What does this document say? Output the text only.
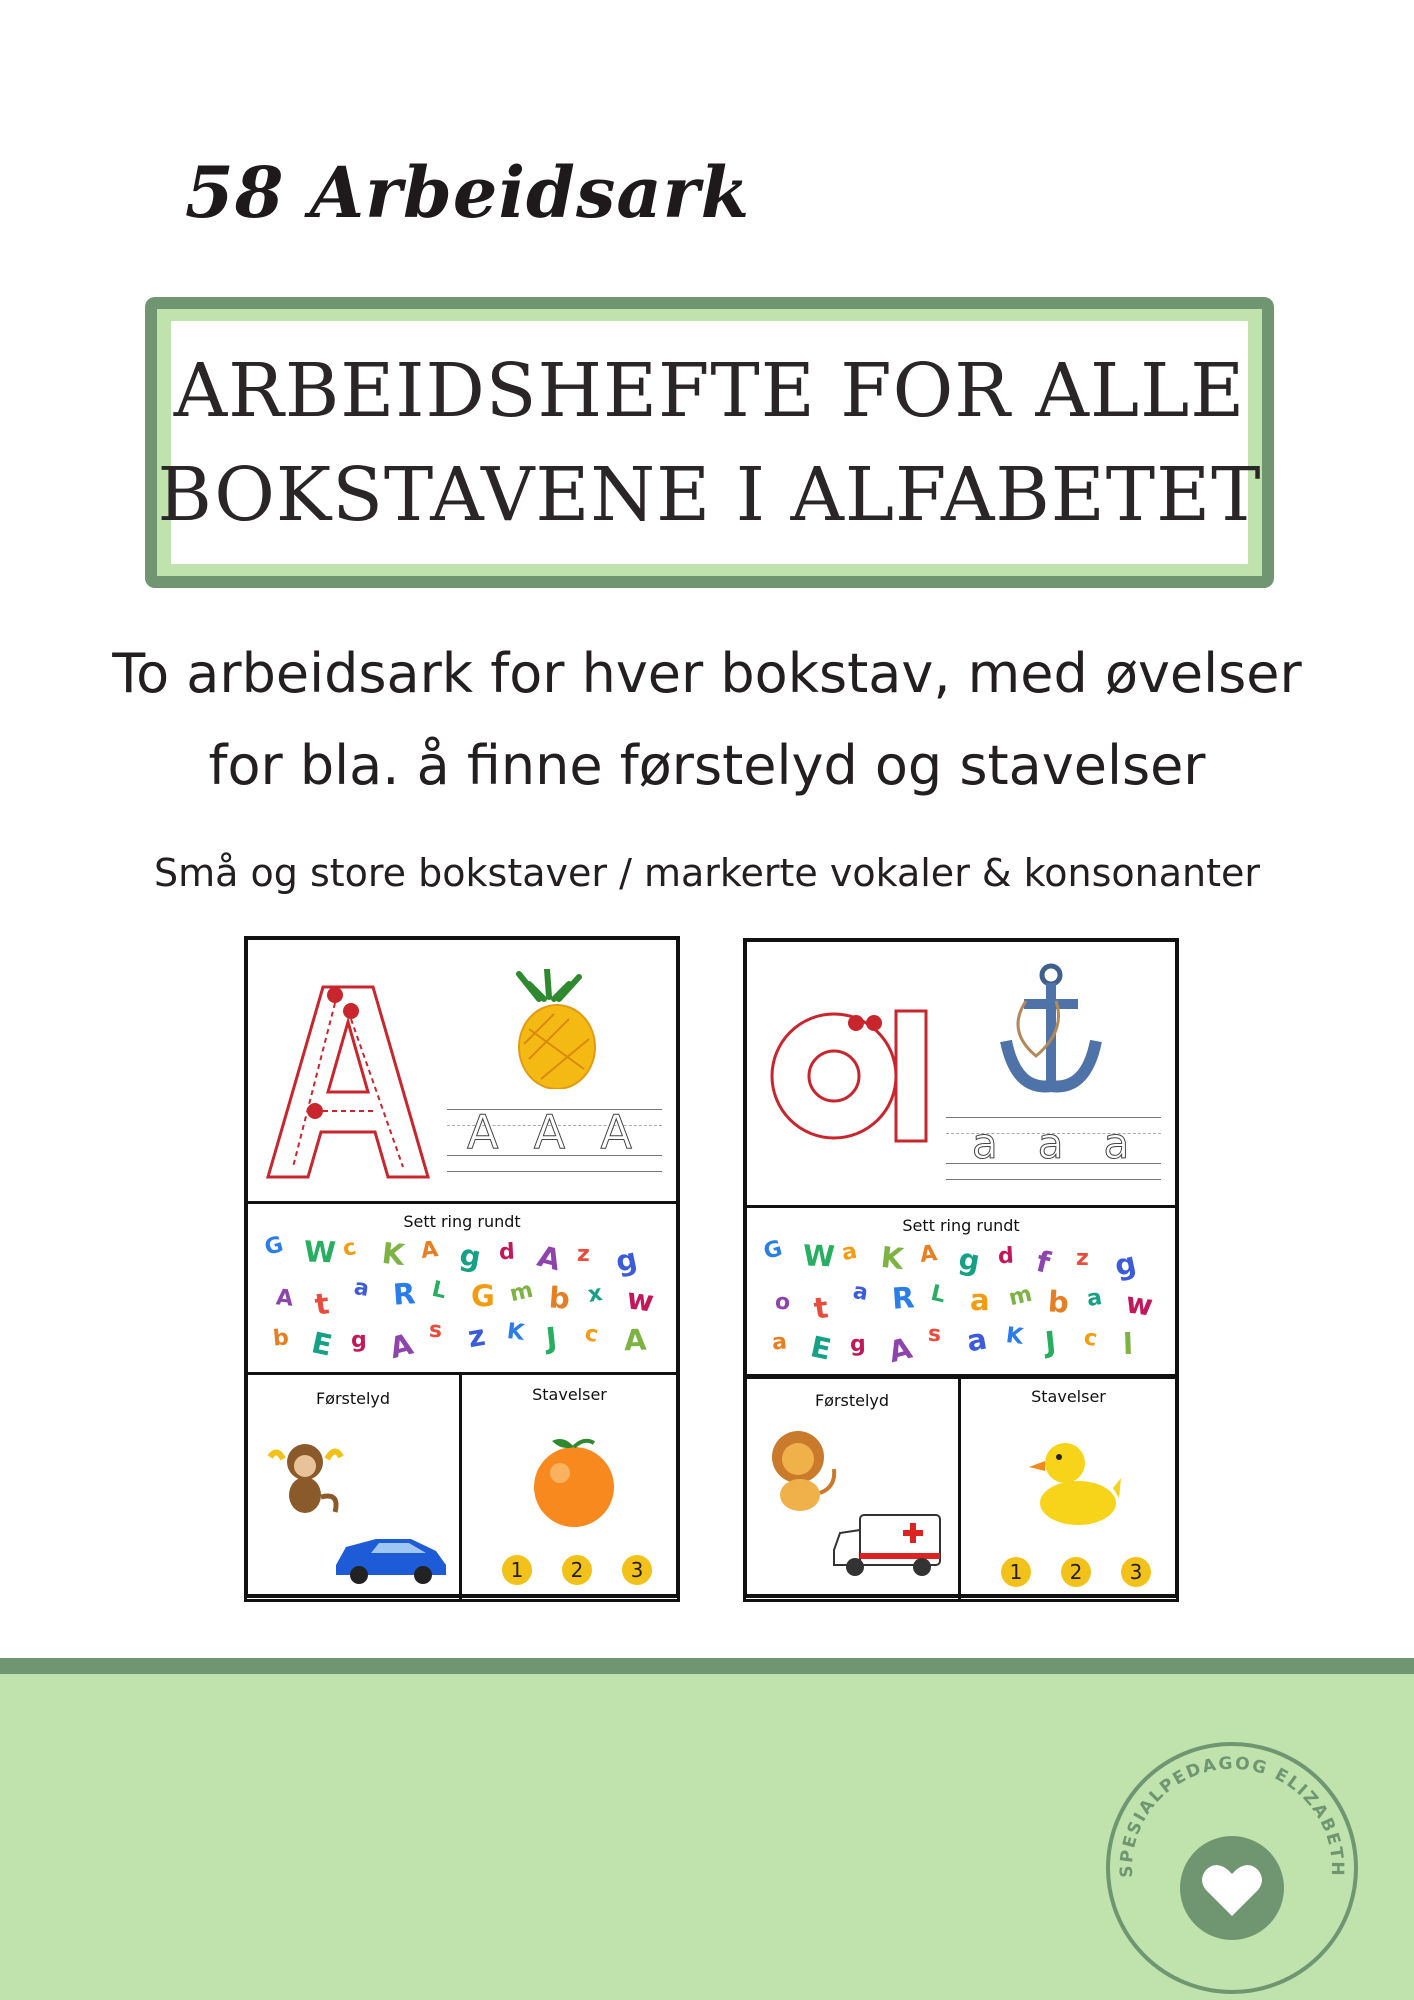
58 Arbeidsark
ARBEIDSHEFTE FOR ALLE
BOKSTAVENE I ALFABETET
To arbeidsark for hver bokstav, med øvelser
for bla. å finne førstelyd og stavelser
Små og store bokstaver / markerte vokaler & konsonanter
AAA
Sett ring rundt
G W c K A g d A z g
A t a R L G m b x w
b E g A s z K J c A
Førstelyd	Stavelser
1	2	3
aaa
Sett ring rundt
G W a K A g d f z g
o t a R L a m b a w
a E g A s a K J c l
Førstelyd	Stavelser
1	2	3
SPESIALPEDAGOG ELIZABETH
